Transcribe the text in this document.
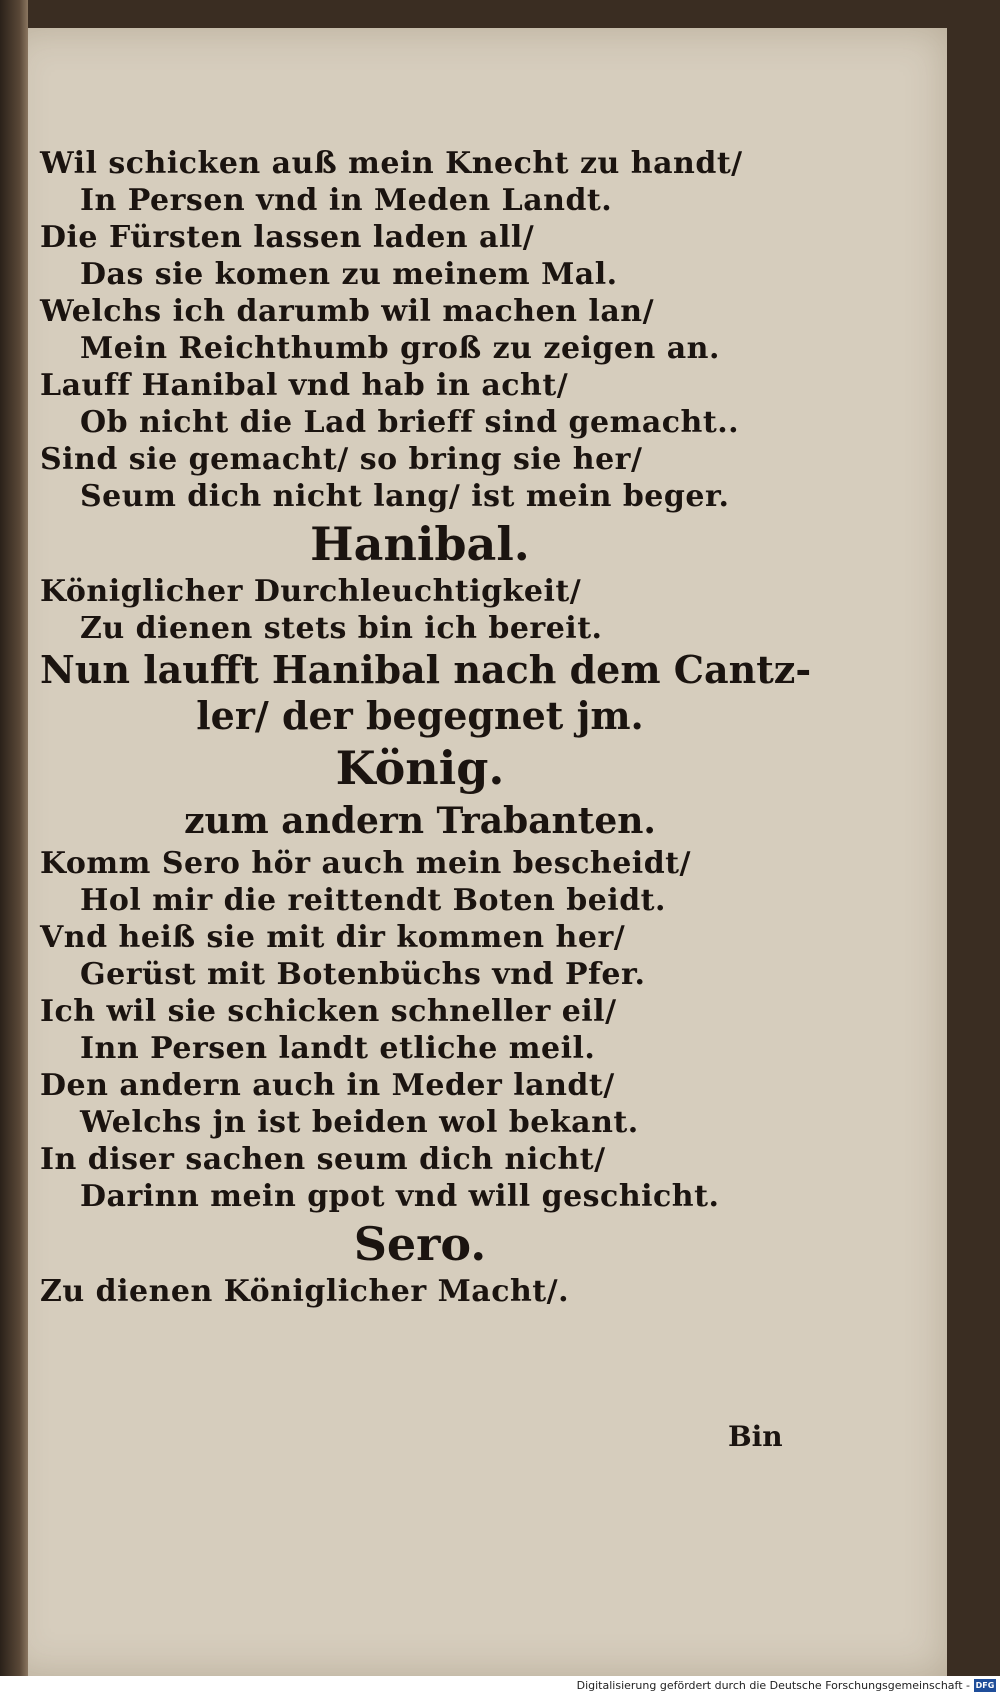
Wil schicken auß mein Knecht zu handt/
In Persen vnd in Meden Landt.
Die Fürsten lassen laden all/
Das sie komen zu meinem Mal.
Welchs ich darumb wil machen lan/
Mein Reichthumb groß zu zeigen an.
Lauff Hanibal vnd hab in acht/
Ob nicht die Lad brieff sind gemacht..
Sind sie gemacht/ so bring sie her/
Seum dich nicht lang/ ist mein beger.
Hanibal.
Königlicher Durchleuchtigkeit/
Zu dienen stets bin ich bereit.
Nun laufft Hanibal nach dem Cantz-
ler/ der begegnet jm.
König.
zum andern Trabanten.
Komm Sero hör auch mein bescheidt/
Hol mir die reittendt Boten beidt.
Vnd heiß sie mit dir kommen her/
Gerüst mit Botenbüchs vnd Pfer.
Ich wil sie schicken schneller eil/
Inn Persen landt etliche meil.
Den andern auch in Meder landt/
Welchs jn ist beiden wol bekant.
In diser sachen seum dich nicht/
Darinn mein gpot vnd will geschicht.
Sero.
Zu dienen Königlicher Macht/.
Bin
Digitalisierung gefördert durch die Deutsche Forschungsgemeinschaft - DFG
